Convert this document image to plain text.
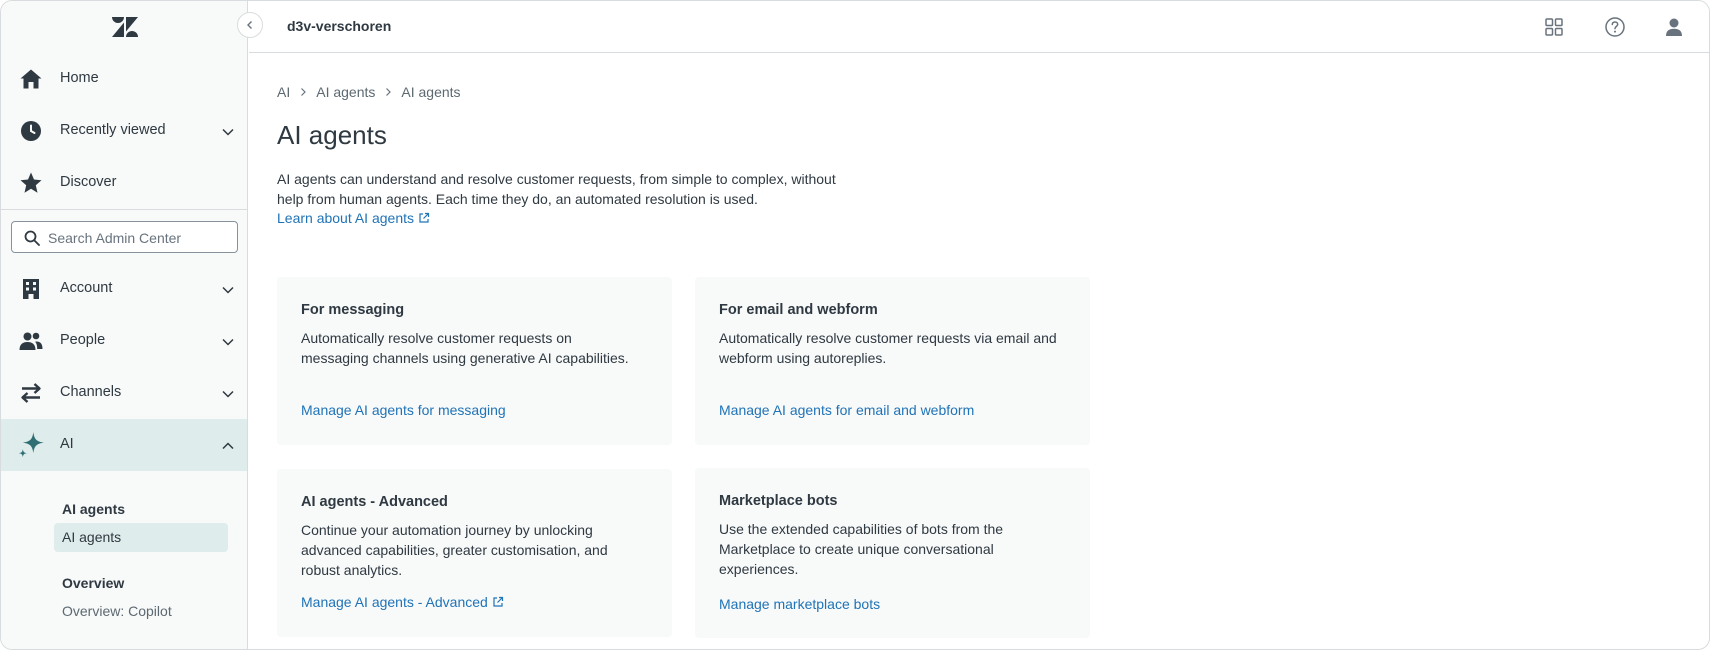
Home
Recently viewed
Discover
Search Admin Center
Account
People
Channels
AI
AI agents
AI agents
Overview
Overview: Copilot
d3v-verschoren
AI AI agents AI agents
AI agents

AI agents can understand and resolve customer requests, from simple to complex, without help from human agents. Each time they do, an automated resolution is used.

Learn about AI agents
For messaging
Automatically resolve customer requests on messaging channels using generative AI capabilities.
Manage AI agents for messaging
For email and webform
Automatically resolve customer requests via email and webform using autoreplies.
Manage AI agents for email and webform
AI agents - Advanced
Continue your automation journey by unlocking advanced capabilities, greater customisation, and robust analytics.
Manage AI agents - Advanced
Marketplace bots
Use the extended capabilities of bots from the Marketplace to create unique conversational experiences.
Manage marketplace bots
